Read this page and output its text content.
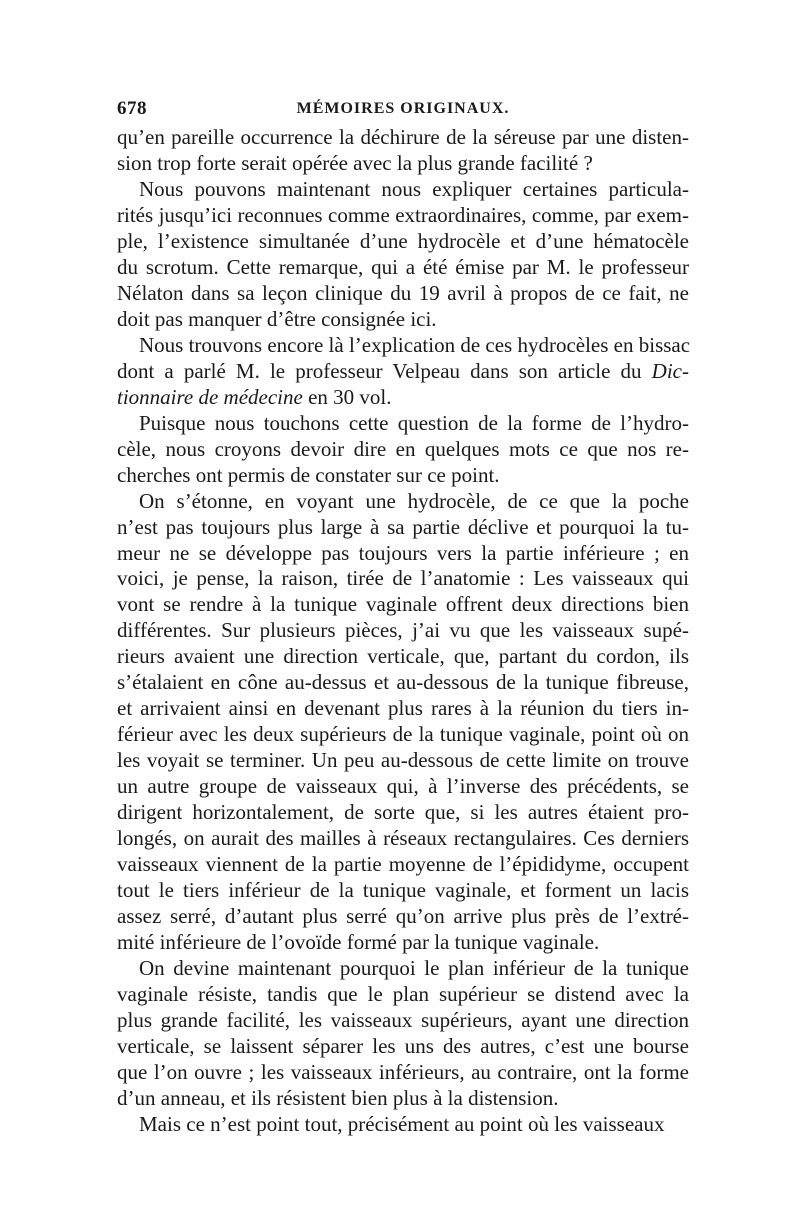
678	MÉMOIRES ORIGINAUX.
qu’en pareille occurrence la déchirure de la séreuse par une disten-
sion trop forte serait opérée avec la plus grande facilité ?
Nous pouvons maintenant nous expliquer certaines particula-
rités jusqu’ici reconnues comme extraordinaires, comme, par exem-
ple, l’existence simultanée d’une hydrocèle et d’une hématocèle
du scrotum. Cette remarque, qui a été émise par M. le professeur
Nélaton dans sa leçon clinique du 19 avril à propos de ce fait, ne
doit pas manquer d’être consignée ici.
Nous trouvons encore là l’explication de ces hydrocèles en bissac
dont a parlé M. le professeur Velpeau dans son article du Dic-
tionnaire de médecine en 30 vol.
Puisque nous touchons cette question de la forme de l’hydro-
cèle, nous croyons devoir dire en quelques mots ce que nos re-
cherches ont permis de constater sur ce point.
On s’étonne, en voyant une hydrocèle, de ce que la poche
n’est pas toujours plus large à sa partie déclive et pourquoi la tu-
meur ne se développe pas toujours vers la partie inférieure ; en
voici, je pense, la raison, tirée de l’anatomie : Les vaisseaux qui
vont se rendre à la tunique vaginale offrent deux directions bien
différentes. Sur plusieurs pièces, j’ai vu que les vaisseaux supé-
rieurs avaient une direction verticale, que, partant du cordon, ils
s’étalaient en cône au-dessus et au-dessous de la tunique fibreuse,
et arrivaient ainsi en devenant plus rares à la réunion du tiers in-
férieur avec les deux supérieurs de la tunique vaginale, point où on
les voyait se terminer. Un peu au-dessous de cette limite on trouve
un autre groupe de vaisseaux qui, à l’inverse des précédents, se
dirigent horizontalement, de sorte que, si les autres étaient pro-
longés, on aurait des mailles à réseaux rectangulaires. Ces derniers
vaisseaux viennent de la partie moyenne de l’épididyme, occupent
tout le tiers inférieur de la tunique vaginale, et forment un lacis
assez serré, d’autant plus serré qu’on arrive plus près de l’extré-
mité inférieure de l’ovoïde formé par la tunique vaginale.
On devine maintenant pourquoi le plan inférieur de la tunique
vaginale résiste, tandis que le plan supérieur se distend avec la
plus grande facilité, les vaisseaux supérieurs, ayant une direction
verticale, se laissent séparer les uns des autres, c’est une bourse
que l’on ouvre ; les vaisseaux inférieurs, au contraire, ont la forme
d’un anneau, et ils résistent bien plus à la distension.
Mais ce n’est point tout, précisément au point où les vaisseaux
